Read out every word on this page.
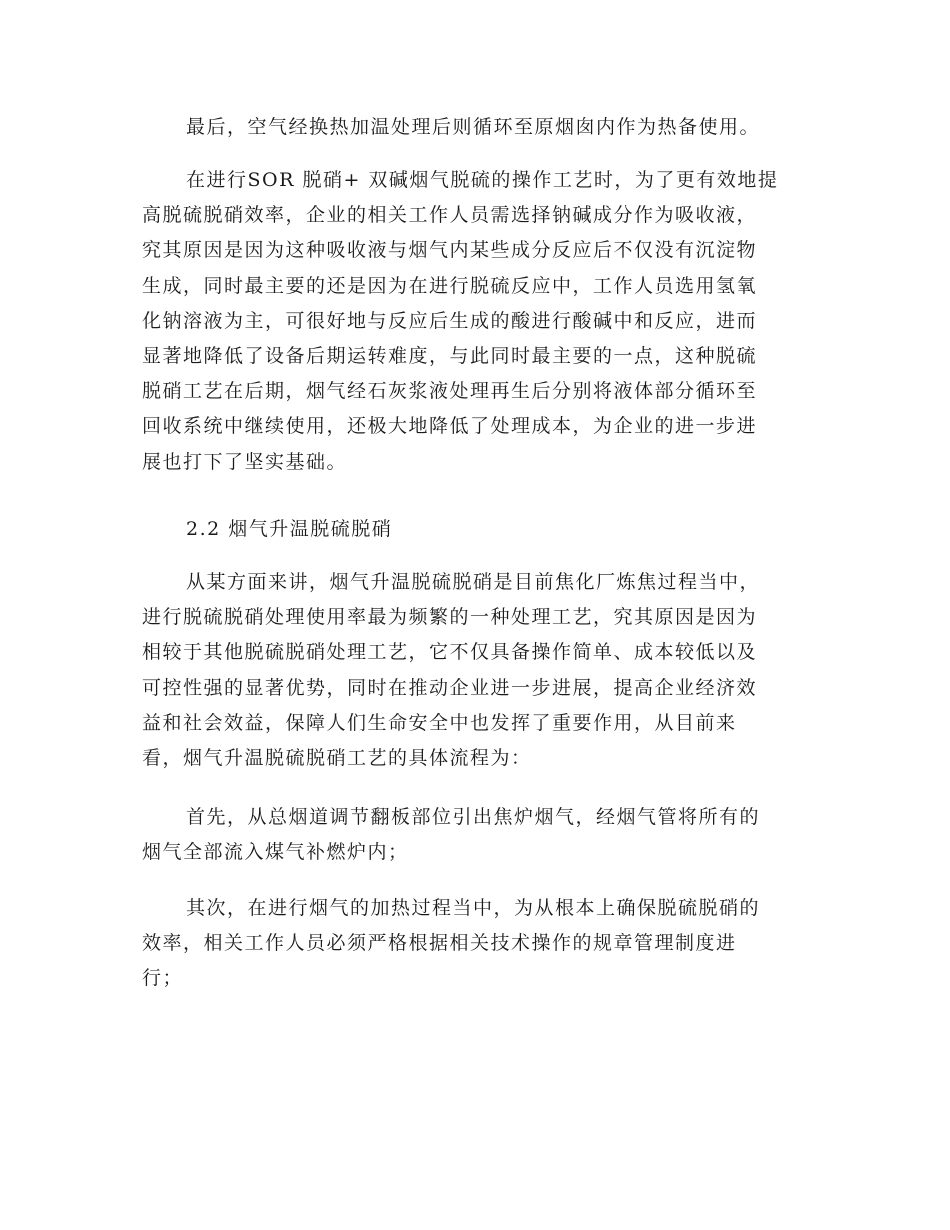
最后，空气经换热加温处理后则循环至原烟囱内作为热备使用。
在进行SOR 脱硝+ 双碱烟气脱硫的操作工艺时，为了更有效地提
高脱硫脱硝效率，企业的相关工作人员需选择钠碱成分作为吸收液，
究其原因是因为这种吸收液与烟气内某些成分反应后不仅没有沉淀物
生成，同时最主要的还是因为在进行脱硫反应中，工作人员选用氢氧
化钠溶液为主，可很好地与反应后生成的酸进行酸碱中和反应，进而
显著地降低了设备后期运转难度，与此同时最主要的一点，这种脱硫
脱硝工艺在后期，烟气经石灰浆液处理再生后分别将液体部分循环至
回收系统中继续使用，还极大地降低了处理成本，为企业的进一步进
展也打下了坚实基础。
2.2 烟气升温脱硫脱硝
从某方面来讲，烟气升温脱硫脱硝是目前焦化厂炼焦过程当中，
进行脱硫脱硝处理使用率最为频繁的一种处理工艺，究其原因是因为
相较于其他脱硫脱硝处理工艺，它不仅具备操作简单、成本较低以及
可控性强的显著优势，同时在推动企业进一步进展，提高企业经济效
益和社会效益，保障人们生命安全中也发挥了重要作用，从目前来
看，烟气升温脱硫脱硝工艺的具体流程为：
首先，从总烟道调节翻板部位引出焦炉烟气，经烟气管将所有的
烟气全部流入煤气补燃炉内；
其次，在进行烟气的加热过程当中，为从根本上确保脱硫脱硝的
效率，相关工作人员必须严格根据相关技术操作的规章管理制度进
行；
